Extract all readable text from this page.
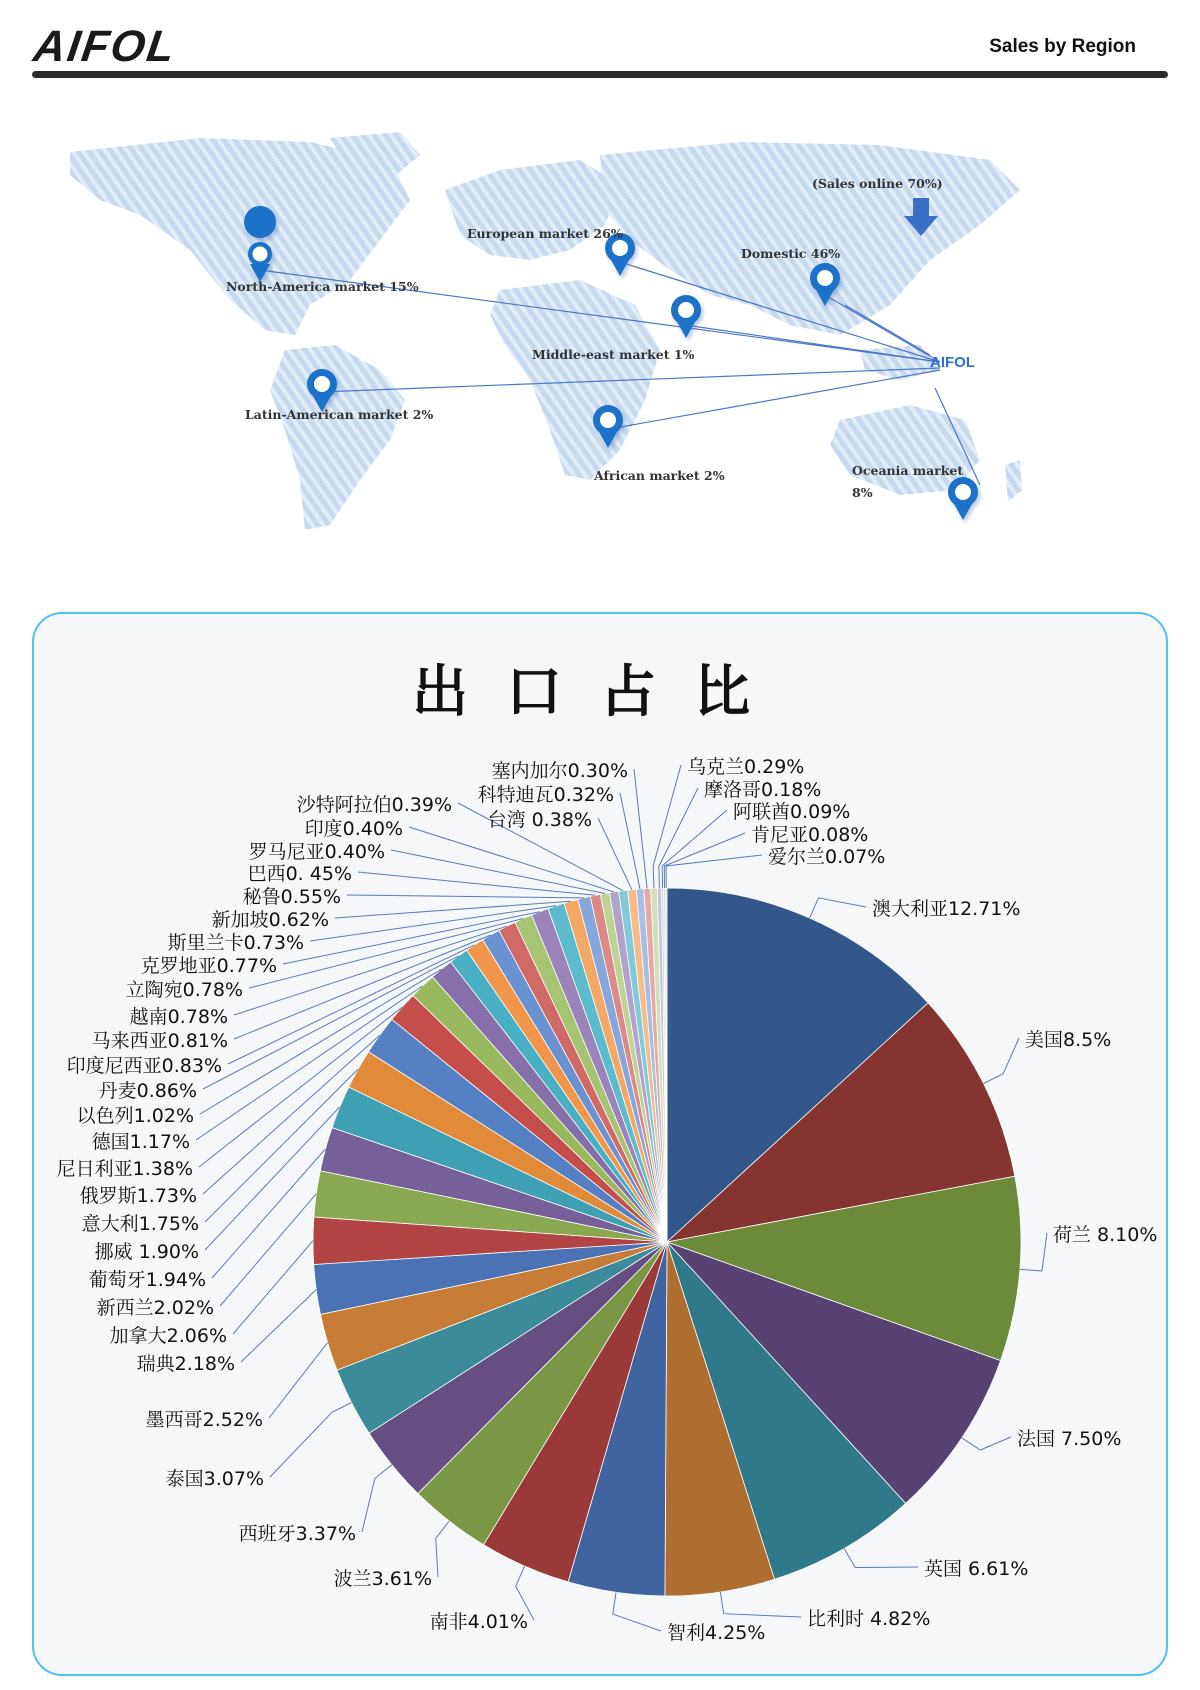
AIFOL	Sales by Region
North-America market 15%
European market 26%
Domestic 46%
Middle-east market 1%
Latin-American market 2%
African market 2%	Oceania market
8%
(Sales online 70%)
AIFOL
出口占比
澳大利亚12.71%
美国8.5%
荷兰 8.10%
法国 7.50%
英国 6.61%
比利时 4.82%
智利4.25%
南非4.01%
波兰3.61%
西班牙3.37%
泰国3.07%
墨西哥2.52%
瑞典2.18%
加拿大2.06%
新西兰2.02%
葡萄牙1.94%
挪威 1.90%
意大利1.75%
俄罗斯1.73%
尼日利亚1.38%
德国1.17%
以色列1.02%
丹麦0.86%
印度尼西亚0.83%
马来西亚0.81%
越南0.78%
立陶宛0.78%
克罗地亚0.77%
斯里兰卡0.73%
新加坡0.62%
秘鲁0.55%
巴西0. 45%
罗马尼亚0.40%
印度0.40%
沙特阿拉伯0.39%
台湾 0.38%
科特迪瓦0.32%
塞内加尔0.30%	乌克兰0.29%
摩洛哥0.18%
阿联酋0.09%
肯尼亚0.08%
爱尔兰0.07%
